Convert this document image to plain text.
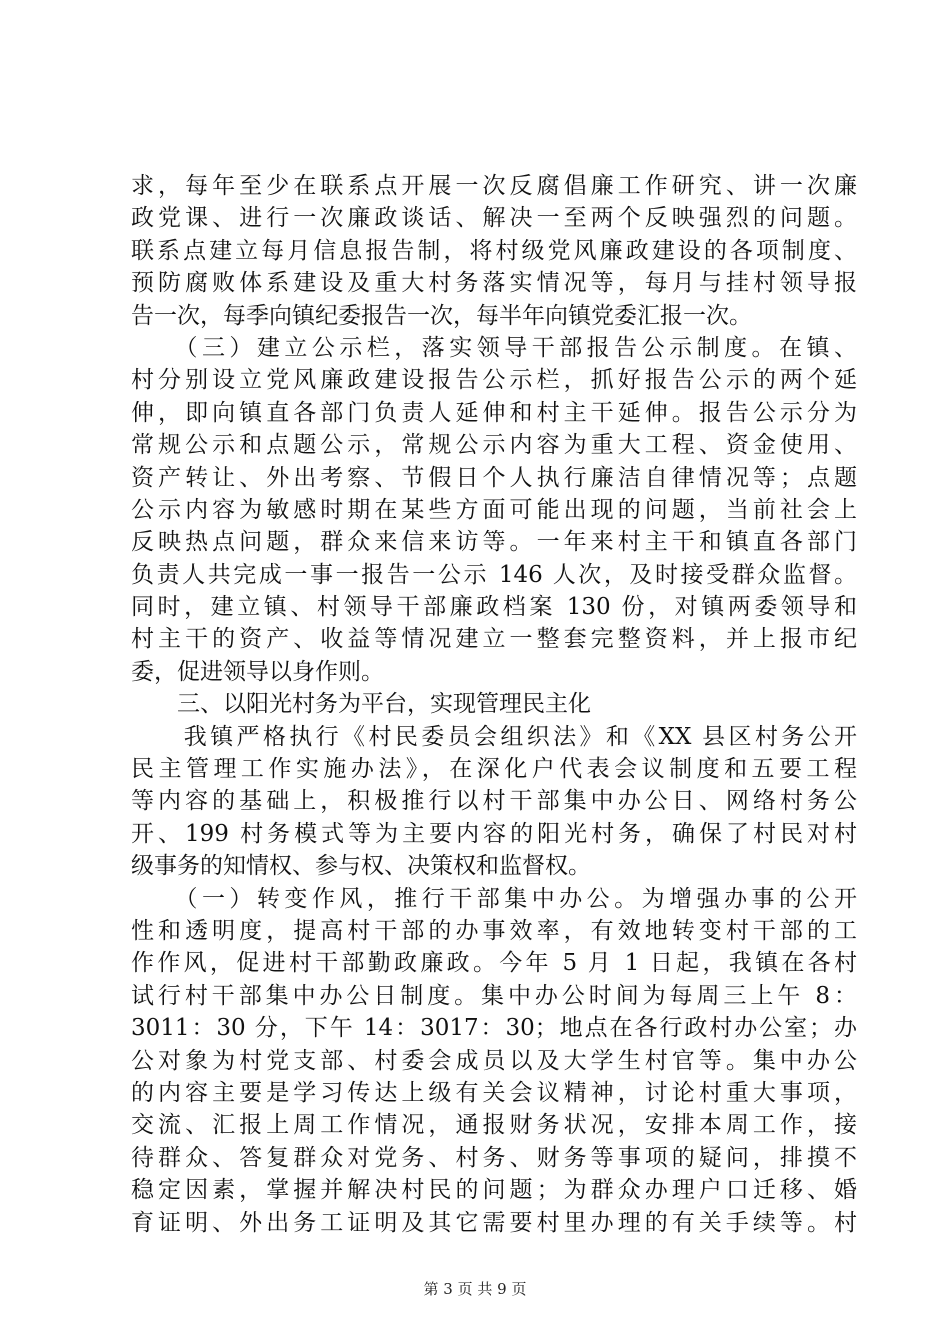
求，每年至少在联系点开展一次反腐倡廉工作研究、讲一次廉
政党课、进行一次廉政谈话、解决一至两个反映强烈的问题。
联系点建立每月信息报告制，将村级党风廉政建设的各项制度、
预防腐败体系建设及重大村务落实情况等，每月与挂村领导报
告一次，每季向镇纪委报告一次，每半年向镇党委汇报一次。
　　（三）建立公示栏，落实领导干部报告公示制度。在镇、
村分别设立党风廉政建设报告公示栏，抓好报告公示的两个延
伸，即向镇直各部门负责人延伸和村主干延伸。报告公示分为
常规公示和点题公示，常规公示内容为重大工程、资金使用、
资产转让、外出考察、节假日个人执行廉洁自律情况等；点题
公示内容为敏感时期在某些方面可能出现的问题，当前社会上
反映热点问题，群众来信来访等。一年来村主干和镇直各部门
负责人共完成一事一报告一公示 146 人次，及时接受群众监督。
同时，建立镇、村领导干部廉政档案 130 份，对镇两委领导和
村主干的资产、收益等情况建立一整套完整资料，并上报市纪
委，促进领导以身作则。
　　三、以阳光村务为平台，实现管理民主化
　　我镇严格执行《村民委员会组织法》和《XX 县区村务公开
民主管理工作实施办法》，在深化户代表会议制度和五要工程
等内容的基础上，积极推行以村干部集中办公日、网络村务公
开、199 村务模式等为主要内容的阳光村务，确保了村民对村
级事务的知情权、参与权、决策权和监督权。
　　（一）转变作风，推行干部集中办公。为增强办事的公开
性和透明度，提高村干部的办事效率，有效地转变村干部的工
作作风，促进村干部勤政廉政。今年 5 月 1 日起，我镇在各村
试行村干部集中办公日制度。集中办公时间为每周三上午 8：
3011：30 分，下午 14：3017：30；地点在各行政村办公室；办
公对象为村党支部、村委会成员以及大学生村官等。集中办公
的内容主要是学习传达上级有关会议精神，讨论村重大事项，
交流、汇报上周工作情况，通报财务状况，安排本周工作，接
待群众、答复群众对党务、村务、财务等事项的疑问，排摸不
稳定因素，掌握并解决村民的问题；为群众办理户口迁移、婚
育证明、外出务工证明及其它需要村里办理的有关手续等。村
第 3 页 共 9 页
